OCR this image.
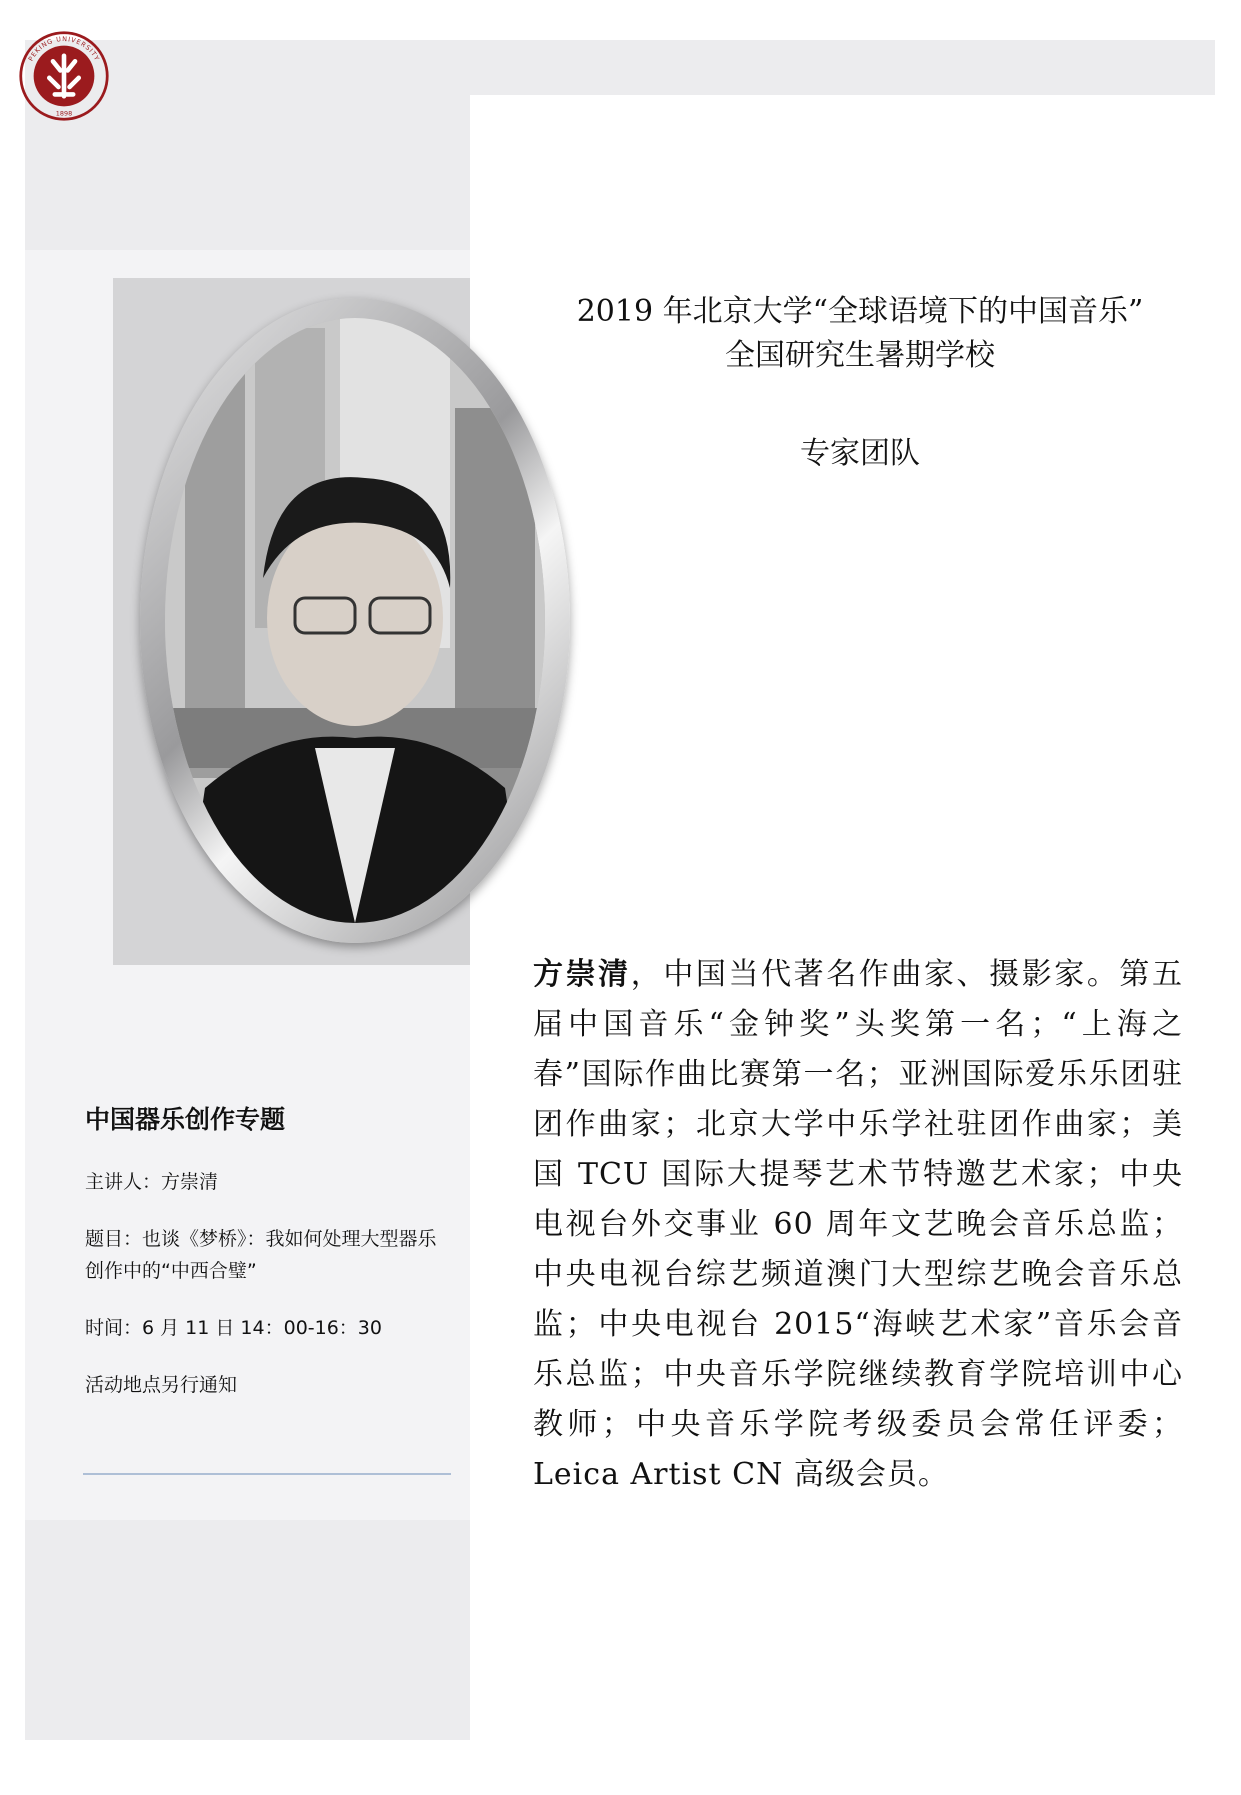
1898
PEKING UNIVERSITY
2019 年北京大学“全球语境下的中国音乐”
全国研究生暑期学校
专家团队
方崇清，中国当代著名作曲家、摄影家。第五届中国音乐“金钟奖”头奖第一名；“上海之春”国际作曲比赛第一名；亚洲国际爱乐乐团驻团作曲家；北京大学中乐学社驻团作曲家；美国 TCU 国际大提琴艺术节特邀艺术家；中央电视台外交事业 60 周年文艺晚会音乐总监；中央电视台综艺频道澳门大型综艺晚会音乐总监；中央电视台 2015“海峡艺术家”音乐会音乐总监；中央音乐学院继续教育学院培训中心教师；中央音乐学院考级委员会常任评委；Leica Artist CN 高级会员。
中国器乐创作专题

主讲人：方崇清

题目：也谈《梦桥》：我如何处理大型器乐创作中的“中西合璧”

时间：6 月 11 日 14：00-16：30

活动地点另行通知
